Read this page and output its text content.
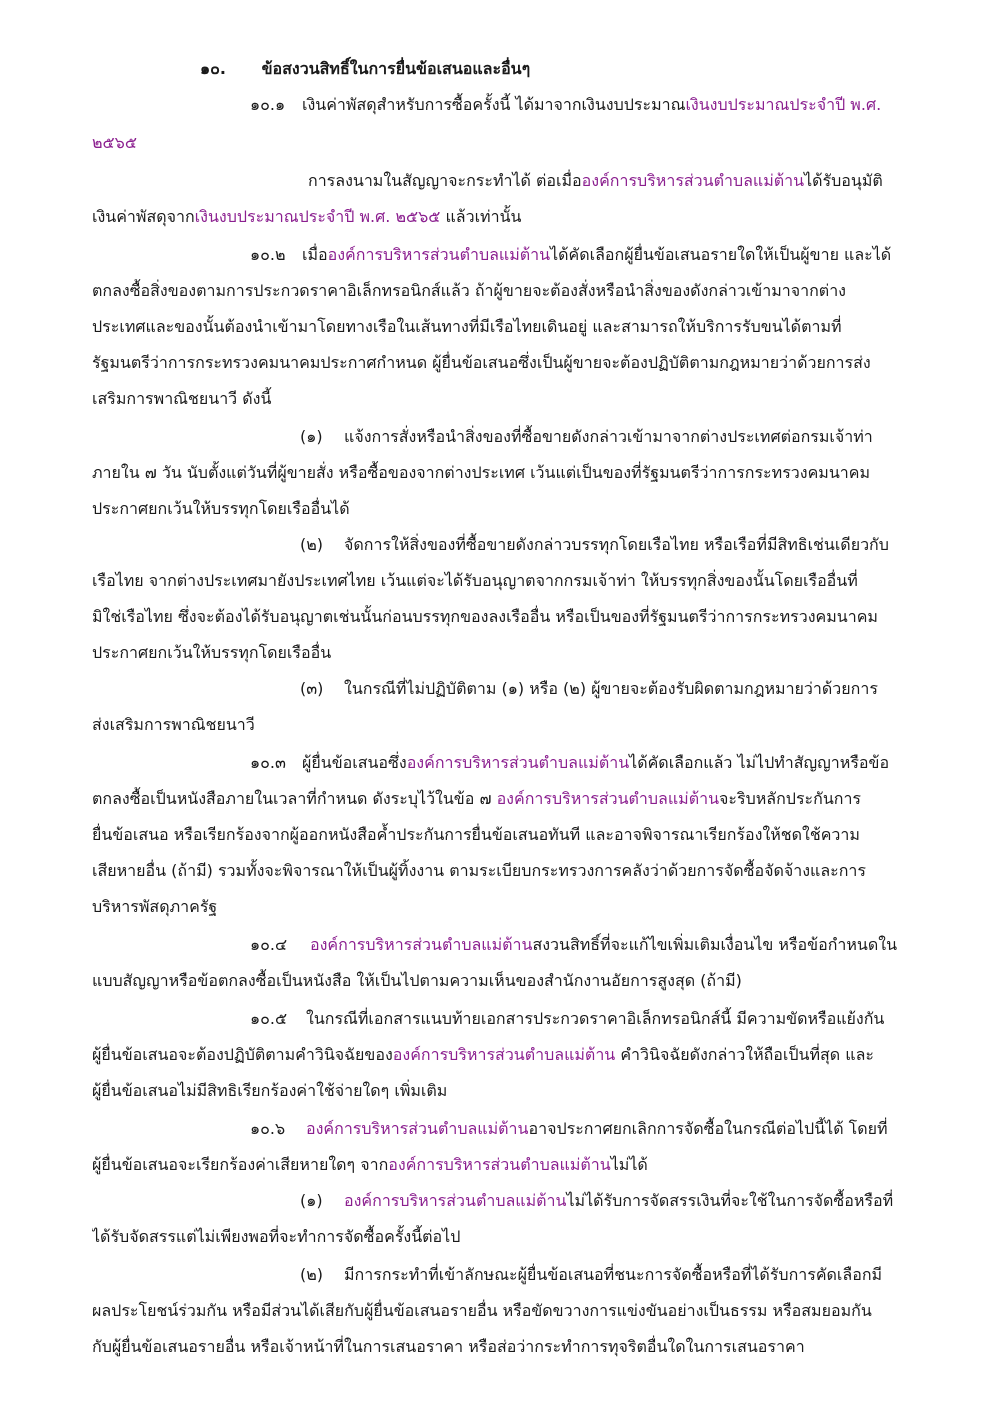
๑๐. ข้อสงวนสิทธิ์ในการยื่นข้อเสนอและอื่นๆ
๑๐.๑ เงินค่าพัสดุสำหรับการซื้อครั้งนี้ ได้มาจากเงินงบประมาณเงินงบประมาณประจำปี พ.ศ.
๒๕๖๕
การลงนามในสัญญาจะกระทำได้ ต่อเมื่อองค์การบริหารส่วนตำบลแม่ต้านได้รับอนุมัติ
เงินค่าพัสดุจากเงินงบประมาณประจำปี พ.ศ. ๒๕๖๕ แล้วเท่านั้น
๑๐.๒ เมื่อองค์การบริหารส่วนตำบลแม่ต้านได้คัดเลือกผู้ยื่นข้อเสนอรายใดให้เป็นผู้ขาย และได้
ตกลงซื้อสิ่งของตามการประกวดราคาอิเล็กทรอนิกส์แล้ว ถ้าผู้ขายจะต้องสั่งหรือนำสิ่งของดังกล่าวเข้ามาจากต่าง
ประเทศและของนั้นต้องนำเข้ามาโดยทางเรือในเส้นทางที่มีเรือไทยเดินอยู่ และสามารถให้บริการรับขนได้ตามที่
รัฐมนตรีว่าการกระทรวงคมนาคมประกาศกำหนด ผู้ยื่นข้อเสนอซึ่งเป็นผู้ขายจะต้องปฏิบัติตามกฎหมายว่าด้วยการส่ง
เสริมการพาณิชยนาวี ดังนี้
(๑) แจ้งการสั่งหรือนำสิ่งของที่ซื้อขายดังกล่าวเข้ามาจากต่างประเทศต่อกรมเจ้าท่า
ภายใน ๗ วัน นับตั้งแต่วันที่ผู้ขายสั่ง หรือซื้อของจากต่างประเทศ เว้นแต่เป็นของที่รัฐมนตรีว่าการกระทรวงคมนาคม
ประกาศยกเว้นให้บรรทุกโดยเรืออื่นได้
(๒) จัดการให้สิ่งของที่ซื้อขายดังกล่าวบรรทุกโดยเรือไทย หรือเรือที่มีสิทธิเช่นเดียวกับ
เรือไทย จากต่างประเทศมายังประเทศไทย เว้นแต่จะได้รับอนุญาตจากกรมเจ้าท่า ให้บรรทุกสิ่งของนั้นโดยเรืออื่นที่
มิใช่เรือไทย ซึ่งจะต้องได้รับอนุญาตเช่นนั้นก่อนบรรทุกของลงเรืออื่น หรือเป็นของที่รัฐมนตรีว่าการกระทรวงคมนาคม
ประกาศยกเว้นให้บรรทุกโดยเรืออื่น
(๓) ในกรณีที่ไม่ปฏิบัติตาม (๑) หรือ (๒) ผู้ขายจะต้องรับผิดตามกฎหมายว่าด้วยการ
ส่งเสริมการพาณิชยนาวี
๑๐.๓ ผู้ยื่นข้อเสนอซึ่งองค์การบริหารส่วนตำบลแม่ต้านได้คัดเลือกแล้ว ไม่ไปทำสัญญาหรือข้อ
ตกลงซื้อเป็นหนังสือภายในเวลาที่กำหนด ดังระบุไว้ในข้อ ๗ องค์การบริหารส่วนตำบลแม่ต้านจะริบหลักประกันการ
ยื่นข้อเสนอ หรือเรียกร้องจากผู้ออกหนังสือค้ำประกันการยื่นข้อเสนอทันที และอาจพิจารณาเรียกร้องให้ชดใช้ความ
เสียหายอื่น (ถ้ามี) รวมทั้งจะพิจารณาให้เป็นผู้ทิ้งงาน ตามระเบียบกระทรวงการคลังว่าด้วยการจัดซื้อจัดจ้างและการ
บริหารพัสดุภาครัฐ
๑๐.๔ องค์การบริหารส่วนตำบลแม่ต้านสงวนสิทธิ์ที่จะแก้ไขเพิ่มเติมเงื่อนไข หรือข้อกำหนดใน
แบบสัญญาหรือข้อตกลงซื้อเป็นหนังสือ ให้เป็นไปตามความเห็นของสำนักงานอัยการสูงสุด (ถ้ามี)
๑๐.๕ ในกรณีที่เอกสารแนบท้ายเอกสารประกวดราคาอิเล็กทรอนิกส์นี้ มีความขัดหรือแย้งกัน
ผู้ยื่นข้อเสนอจะต้องปฏิบัติตามคำวินิจฉัยขององค์การบริหารส่วนตำบลแม่ต้าน คำวินิจฉัยดังกล่าวให้ถือเป็นที่สุด และ
ผู้ยื่นข้อเสนอไม่มีสิทธิเรียกร้องค่าใช้จ่ายใดๆ เพิ่มเติม
๑๐.๖ องค์การบริหารส่วนตำบลแม่ต้านอาจประกาศยกเลิกการจัดซื้อในกรณีต่อไปนี้ได้ โดยที่
ผู้ยื่นข้อเสนอจะเรียกร้องค่าเสียหายใดๆ จากองค์การบริหารส่วนตำบลแม่ต้านไม่ได้
(๑) องค์การบริหารส่วนตำบลแม่ต้านไม่ได้รับการจัดสรรเงินที่จะใช้ในการจัดซื้อหรือที่
ได้รับจัดสรรแต่ไม่เพียงพอที่จะทำการจัดซื้อครั้งนี้ต่อไป
(๒) มีการกระทำที่เข้าลักษณะผู้ยื่นข้อเสนอที่ชนะการจัดซื้อหรือที่ได้รับการคัดเลือกมี
ผลประโยชน์ร่วมกัน หรือมีส่วนได้เสียกับผู้ยื่นข้อเสนอรายอื่น หรือขัดขวางการแข่งขันอย่างเป็นธรรม หรือสมยอมกัน
กับผู้ยื่นข้อเสนอรายอื่น หรือเจ้าหน้าที่ในการเสนอราคา หรือส่อว่ากระทำการทุจริตอื่นใดในการเสนอราคา
